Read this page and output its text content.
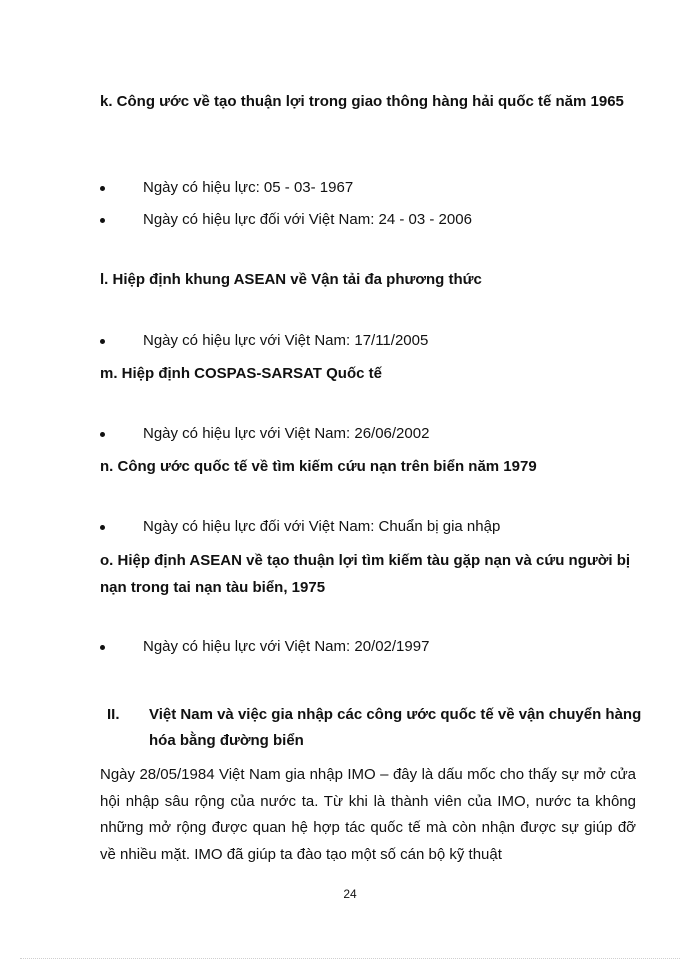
k. Công ước về tạo thuận lợi trong giao thông hàng hải quốc tế năm 1965

Ngày có hiệu lực: 05 - 03- 1967
Ngày có hiệu lực đối với Việt Nam: 24 - 03 - 2006

l. Hiệp định khung ASEAN về Vận tải đa phương thức

Ngày có hiệu lực với Việt Nam: 17/11/2005

m. Hiệp định COSPAS-SARSAT Quốc tế

Ngày có hiệu lực với Việt Nam: 26/06/2002

n. Công ước quốc tế về tìm kiếm cứu nạn trên biển năm 1979

Ngày có hiệu lực đối với Việt Nam: Chuẩn bị gia nhập

o. Hiệp định ASEAN về tạo thuận lợi tìm kiếm tàu gặp nạn và cứu người bị nạn trong tai nạn tàu biển, 1975

Ngày có hiệu lực với Việt Nam: 20/02/1997
II. Việt Nam và việc gia nhập các công ước quốc tế về vận chuyển hàng hóa bằng đường biển

Ngày 28/05/1984 Việt Nam gia nhập IMO – đây là dấu mốc cho thấy sự mở cửa hội nhập sâu rộng của nước ta. Từ khi là thành viên của IMO, nước ta không những mở rộng được quan hệ hợp tác quốc tế mà còn nhận được sự giúp đỡ về nhiều mặt. IMO đã giúp ta đào tạo một số cán bộ kỹ thuật

24
